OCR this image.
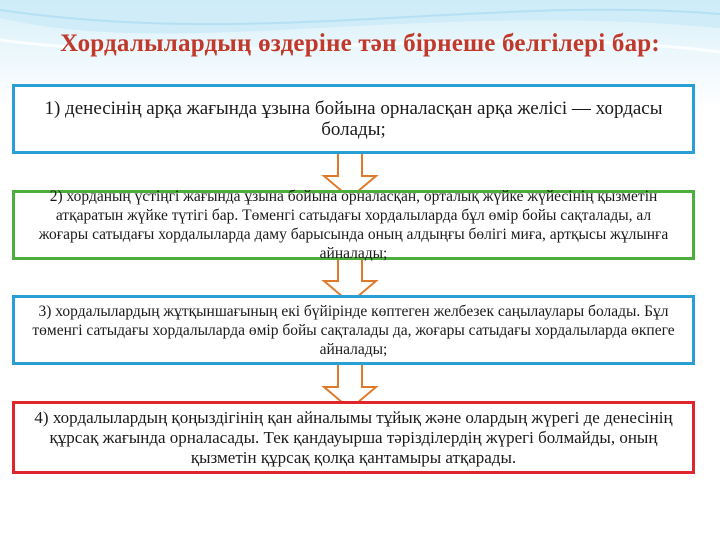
Хордалылардың өздеріне тән бірнеше белгілері бар:
1) денесінің арқа жағында ұзына бойына орналасқан арқа желісі — хордасы болады;
2) хорданың үстіңгі жағында ұзына бойына орналасқан, орталық жүйке жүйесінің қызметін атқаратын жүйке түтігі бар. Төменгі сатыдағы хордалыларда бұл өмір бойы сақталады, ал жоғары сатыдағы хордалыларда даму барысында оның алдыңғы бөлігі миға, артқысы жұлынға айналады;
3) хордалылардың жұтқыншағының екі бүйірінде көптеген желбезек саңылаулары болады. Бұл төменгі сатыдағы хордалыларда өмір бойы сақталады да, жоғары сатыдағы хордалыларда өкпеге айналады;
4) хордалылардың қоңыздігінің қан айналымы тұйық және олардың жүрегі де денесінің құрсақ жағында орналасады. Тек қандауырша тәрізділердің жүрегі болмайды, оның қызметін құрсақ қолқа қантамыры атқарады.
